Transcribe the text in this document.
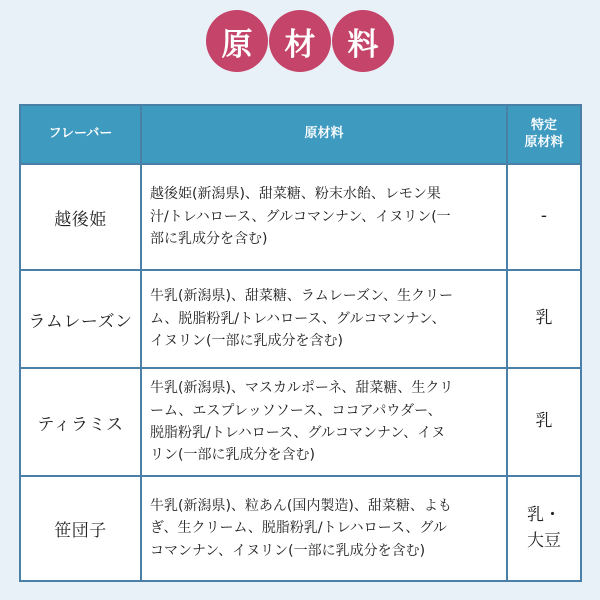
原	材	料
フレーバー	原材料	特定
原材料

越後姫	越後姫(新潟県)、甜菜糖、粉末水飴、レモン果
汁/トレハロース、グルコマンナン、イヌリン(一
部に乳成分を含む)	-
ラムレーズン	牛乳(新潟県)、甜菜糖、ラムレーズン、生クリー
ム、脱脂粉乳/トレハロース、グルコマンナン、
イヌリン(一部に乳成分を含む)	乳
ティラミス	牛乳(新潟県)、マスカルポーネ、甜菜糖、生クリ
ーム、エスプレッソソース、ココアパウダー、
脱脂粉乳/トレハロース、グルコマンナン、イヌ
リン(一部に乳成分を含む)	乳
笹団子	牛乳(新潟県)、粒あん(国内製造)、甜菜糖、よも
ぎ、生クリーム、脱脂粉乳/トレハロース、グル
コマンナン、イヌリン(一部に乳成分を含む)	乳・
大豆
